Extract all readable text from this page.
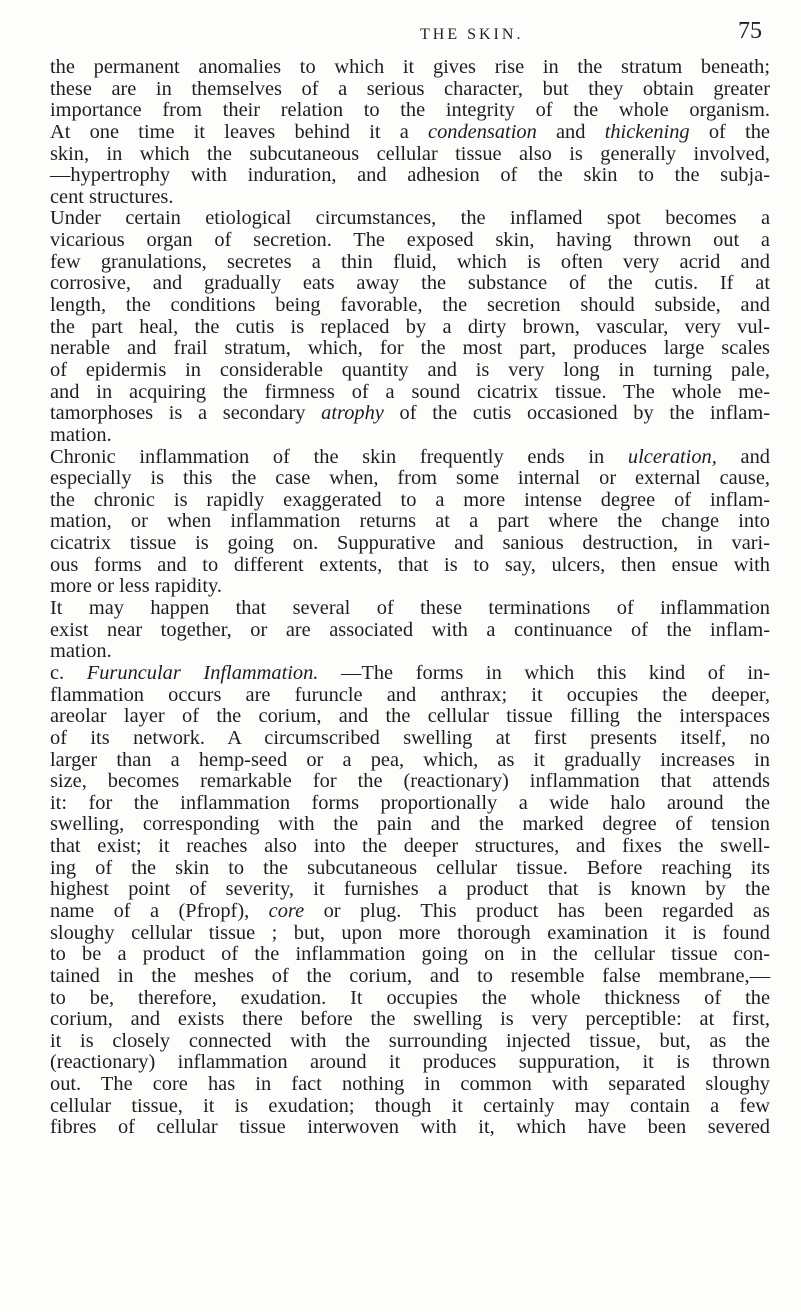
THE SKIN.	75
the permanent anomalies to which it gives rise in the stratum beneath;
these are in themselves of a serious character, but they obtain greater
importance from their relation to the integrity of the whole organism.
At one time it leaves behind it a condensation and thickening of the
skin, in which the subcutaneous cellular tissue also is generally involved,
—hypertrophy with induration, and adhesion of the skin to the subja-
cent structures.
Under certain etiological circumstances, the inflamed spot becomes a
vicarious organ of secretion. The exposed skin, having thrown out a
few granulations, secretes a thin fluid, which is often very acrid and
corrosive, and gradually eats away the substance of the cutis. If at
length, the conditions being favorable, the secretion should subside, and
the part heal, the cutis is replaced by a dirty brown, vascular, very vul-
nerable and frail stratum, which, for the most part, produces large scales
of epidermis in considerable quantity and is very long in turning pale,
and in acquiring the firmness of a sound cicatrix tissue. The whole me-
tamorphoses is a secondary atrophy of the cutis occasioned by the inflam-
mation.
Chronic inflammation of the skin frequently ends in ulceration, and
especially is this the case when, from some internal or external cause,
the chronic is rapidly exaggerated to a more intense degree of inflam-
mation, or when inflammation returns at a part where the change into
cicatrix tissue is going on. Suppurative and sanious destruction, in vari-
ous forms and to different extents, that is to say, ulcers, then ensue with
more or less rapidity.
It may happen that several of these terminations of inflammation
exist near together, or are associated with a continuance of the inflam-
mation.
c. Furuncular Inflammation. —The forms in which this kind of in-
flammation occurs are furuncle and anthrax; it occupies the deeper,
areolar layer of the corium, and the cellular tissue filling the interspaces
of its network. A circumscribed swelling at first presents itself, no
larger than a hemp-seed or a pea, which, as it gradually increases in
size, becomes remarkable for the (reactionary) inflammation that attends
it: for the inflammation forms proportionally a wide halo around the
swelling, corresponding with the pain and the marked degree of tension
that exist; it reaches also into the deeper structures, and fixes the swell-
ing of the skin to the subcutaneous cellular tissue. Before reaching its
highest point of severity, it furnishes a product that is known by the
name of a (Pfropf), core or plug. This product has been regarded as
sloughy cellular tissue ; but, upon more thorough examination it is found
to be a product of the inflammation going on in the cellular tissue con-
tained in the meshes of the corium, and to resemble false membrane,—
to be, therefore, exudation. It occupies the whole thickness of the
corium, and exists there before the swelling is very perceptible: at first,
it is closely connected with the surrounding injected tissue, but, as the
(reactionary) inflammation around it produces suppuration, it is thrown
out. The core has in fact nothing in common with separated sloughy
cellular tissue, it is exudation; though it certainly may contain a few
fibres of cellular tissue interwoven with it, which have been severed
